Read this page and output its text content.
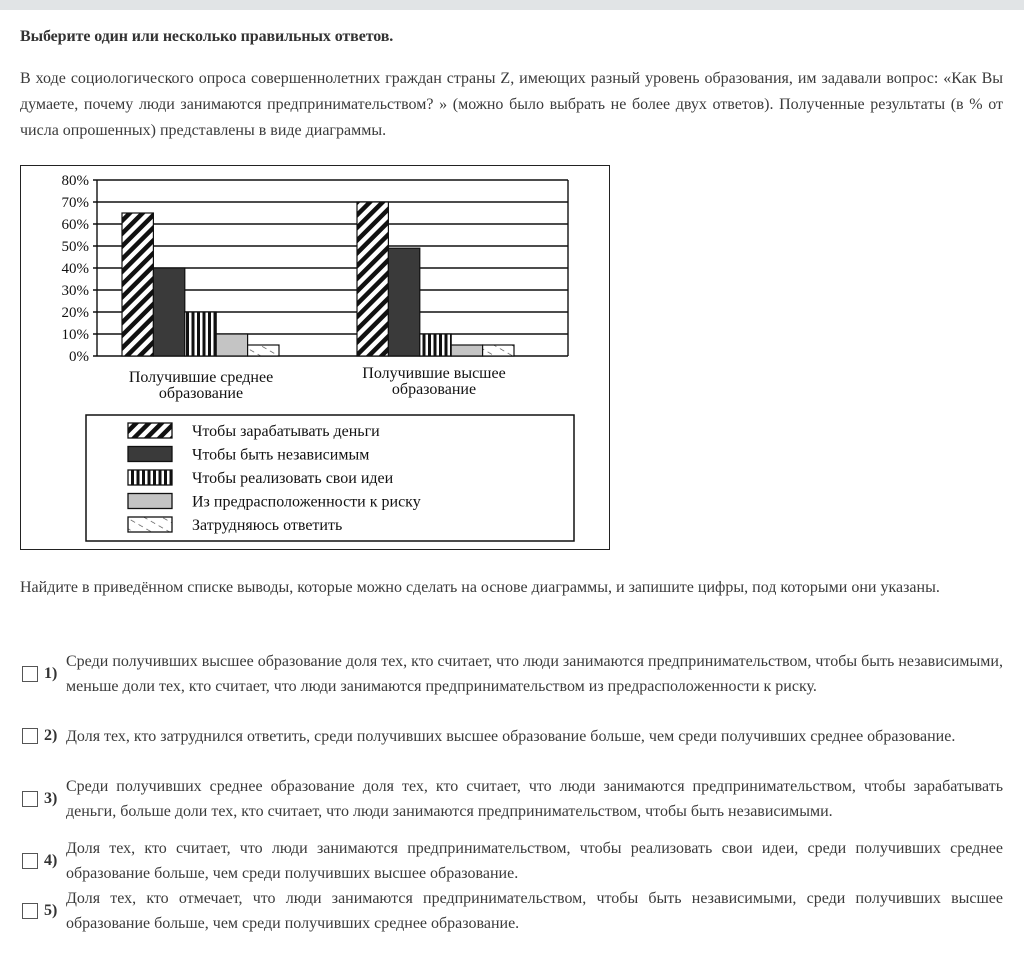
Выберите один или несколько правильных ответов.
В ходе социологического опроса совершеннолетних граждан страны Z, имеющих разный уровень образования, им задавали вопрос: «Как Вы думаете, почему люди занимаются предпринимательством? » (можно было выбрать не более двух ответов). Полученные результаты (в % от числа опрошенных) представлены в виде диаграммы.
0%
10%
20%
30%
40%
50%
60%
70%
80%
Получившие среднее
образование
Получившие высшее
образование
Чтобы зарабатывать деньги
Чтобы быть независимым
Чтобы реализовать свои идеи
Из предрасположенности к риску
Затрудняюсь ответить
Найдите в приведённом списке выводы, которые можно сделать на основе диаграммы, и запишите цифры, под которыми они указаны.
1)
Среди получивших высшее образование доля тех, кто считает, что люди занимаются предпринимательством, чтобы быть независимыми, меньше доли тех, кто считает, что люди занимаются предпринимательством из предрасположенности к риску.
2) Доля тех, кто затруднился ответить, среди получивших высшее образование больше, чем среди получивших среднее образование.
3)
Среди получивших среднее образование доля тех, кто считает, что люди занимаются предпринимательством, чтобы зарабатывать деньги, больше доли тех, кто считает, что люди занимаются предпринимательством, чтобы быть независимыми.
4)
Доля тех, кто считает, что люди занимаются предпринимательством, чтобы реализовать свои идеи, среди получивших среднее образование больше, чем среди получивших высшее образование.
5)
Доля тех, кто отмечает, что люди занимаются предпринимательством, чтобы быть независимыми, среди получивших высшее образование больше, чем среди получивших среднее образование.
